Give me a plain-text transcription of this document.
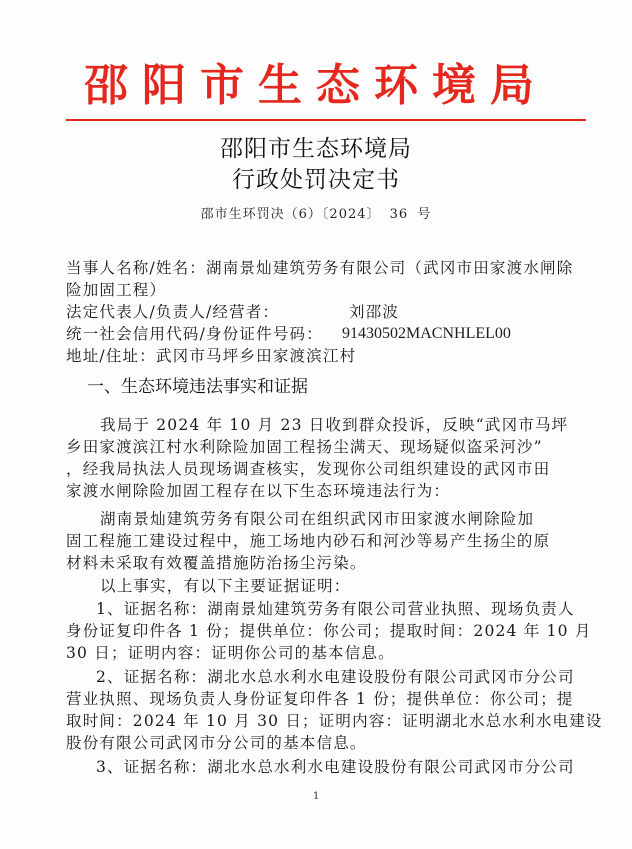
邵阳市生态环境局
邵阳市生态环境局
行政处罚决定书
邵市生环罚决（6）〔2024〕 36 号
当事人名称/姓名：湖南景灿建筑劳务有限公司（武冈市田家渡水闸除
险加固工程）
法定代表人/负责人/经营者：	刘邵波
统一社会信用代码/身份证件号码： 91430502MACNHLEL00
地址/住址：武冈市马坪乡田家渡滨江村
一、生态环境违法事实和证据
我局于 2024 年 10 月 23 日收到群众投诉，反映“武冈市马坪
乡田家渡滨江村水利除险加固工程扬尘满天、现场疑似盗采河沙”
，经我局执法人员现场调查核实，发现你公司组织建设的武冈市田
家渡水闸除险加固工程存在以下生态环境违法行为：
湖南景灿建筑劳务有限公司在组织武冈市田家渡水闸除险加
固工程施工建设过程中，施工场地内砂石和河沙等易产生扬尘的原
材料未采取有效覆盖措施防治扬尘污染。
以上事实，有以下主要证据证明：
1、证据名称：湖南景灿建筑劳务有限公司营业执照、现场负责人
身份证复印件各 1 份；提供单位：你公司；提取时间：2024 年 10 月
30 日；证明内容：证明你公司的基本信息。
2、证据名称：湖北水总水利水电建设股份有限公司武冈市分公司
营业执照、现场负责人身份证复印件各 1 份；提供单位：你公司；提
取时间：2024 年 10 月 30 日；证明内容：证明湖北水总水利水电建设
股份有限公司武冈市分公司的基本信息。
3、证据名称：湖北水总水利水电建设股份有限公司武冈市分公司
1
